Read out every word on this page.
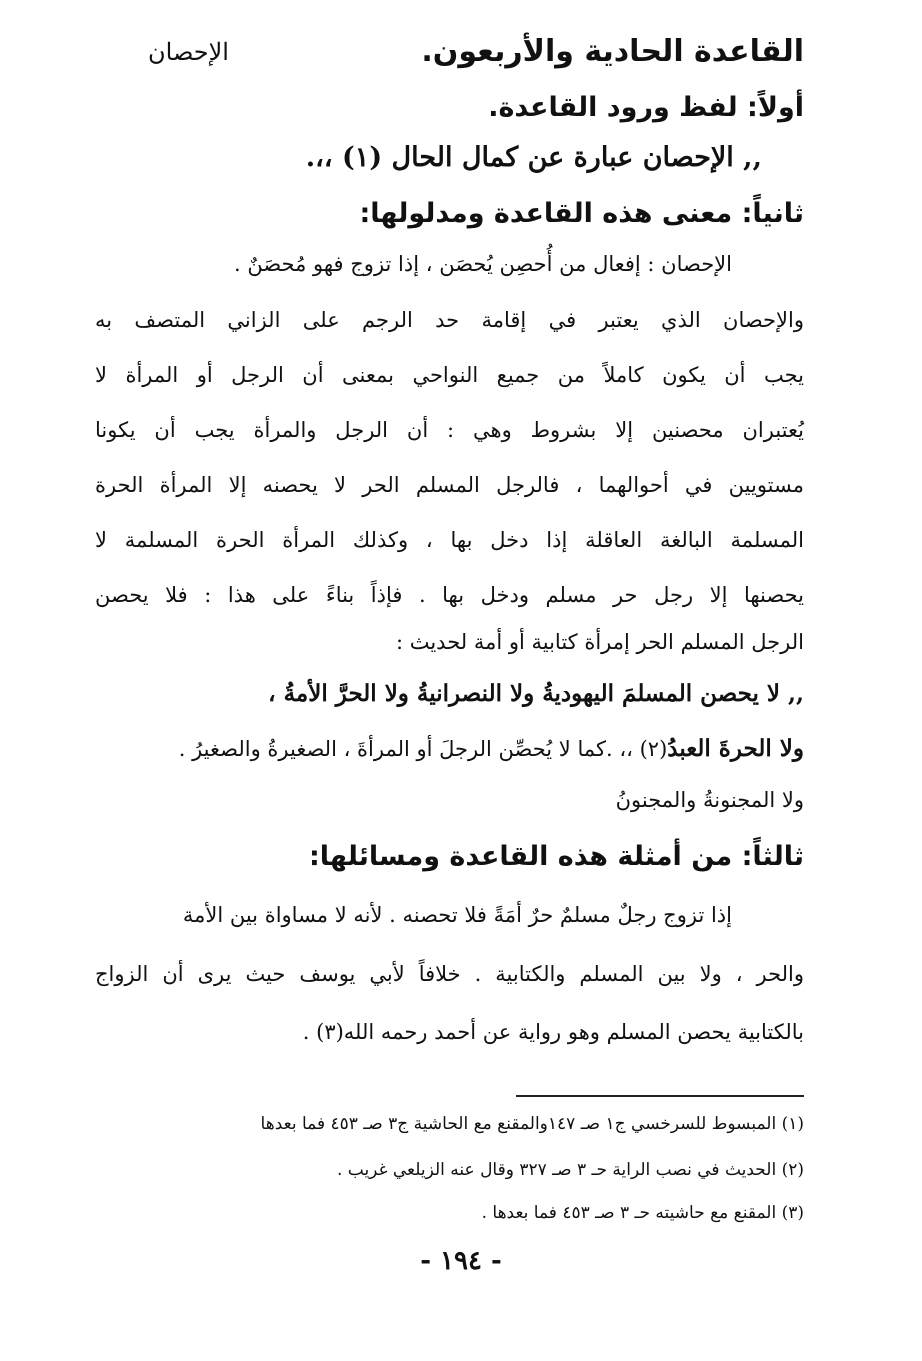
القاعدة الحادية والأربعون.
الإحصان
أولاً: لفظ ورود القاعدة.
,, الإحصان عبارة عن كمال الحال (١) ،،.
ثانياً: معنى هذه القاعدة ومدلولها:
الإحصان : إفعال من أُحصِن يُحصَن ، إذا تزوج فهو مُحصَنٌ .
والإحصان الذي يعتبر في إقامة حد الرجم على الزاني المتصف به
يجب أن يكون كاملاً من جميع النواحي بمعنى أن الرجل أو المرأة لا
يُعتبران محصنين إلا بشروط وهي : أن الرجل والمرأة يجب أن يكونا
مستويين في أحوالهما ، فالرجل المسلم الحر لا يحصنه إلا المرأة الحرة
المسلمة البالغة العاقلة إذا دخل بها ، وكذلك المرأة الحرة المسلمة لا
يحصنها إلا رجل حر مسلم ودخل بها . فإذاً بناءً على هذا : فلا يحصن
الرجل المسلم الحر إمرأة كتابية أو أمة لحديث :
,, لا يحصن المسلمَ اليهوديةُ ولا النصرانيةُ ولا الحرَّ الأمةُ ،
ولا الحرةَ العبدُ(٢) ،، .كما لا يُحصِّن الرجلَ أو المرأةَ ، الصغيرةُ والصغيرُ .
ولا المجنونةُ والمجنونُ
ثالثاً: من أمثلة هذه القاعدة ومسائلها:
إذا تزوج رجلٌ مسلمٌ حرٌ أمَةً فلا تحصنه . لأنه لا مساواة بين الأمة
والحر ، ولا بين المسلم والكتابية . خلافاً لأبي يوسف حيث يرى أن الزواج
بالكتابية يحصن المسلم وهو رواية عن أحمد رحمه الله(٣) .
(١) المبسوط للسرخسي ج١ صـ ١٤٧والمقنع مع الحاشية ج٣ صـ ٤٥٣ فما بعدها
(٢) الحديث في نصب الراية حـ ٣ صـ ٣٢٧ وقال عنه الزيلعي غريب .
(٣) المقنع مع حاشيته حـ ٣ صـ ٤٥٣ فما بعدها .
- ١٩٤ -
